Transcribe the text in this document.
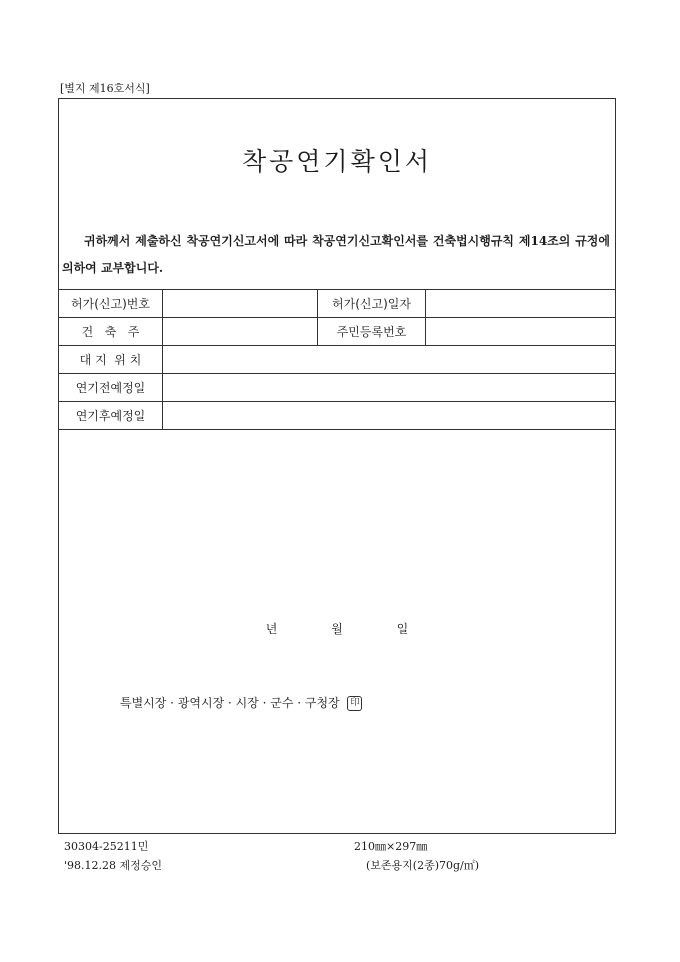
[별지 제16호서식]
착공연기확인서
귀하께서 제출하신 착공연기신고서에 따라 착공연기신고확인서를 건축법시행규칙 제14조의 규정에 의하여 교부합니다.
허가(신고)번호		허가(신고)일자	
건   축   주		주민등록번호	
대 지  위 치			
연기전예정일			
연기후예정일			
년	월	일
특별시장 · 광역시장 · 시장 · 군수 · 구청장 印
30304-25211민
'98.12.28 제정승인
210㎜×297㎜
(보존용지(2종)70g/㎡)
